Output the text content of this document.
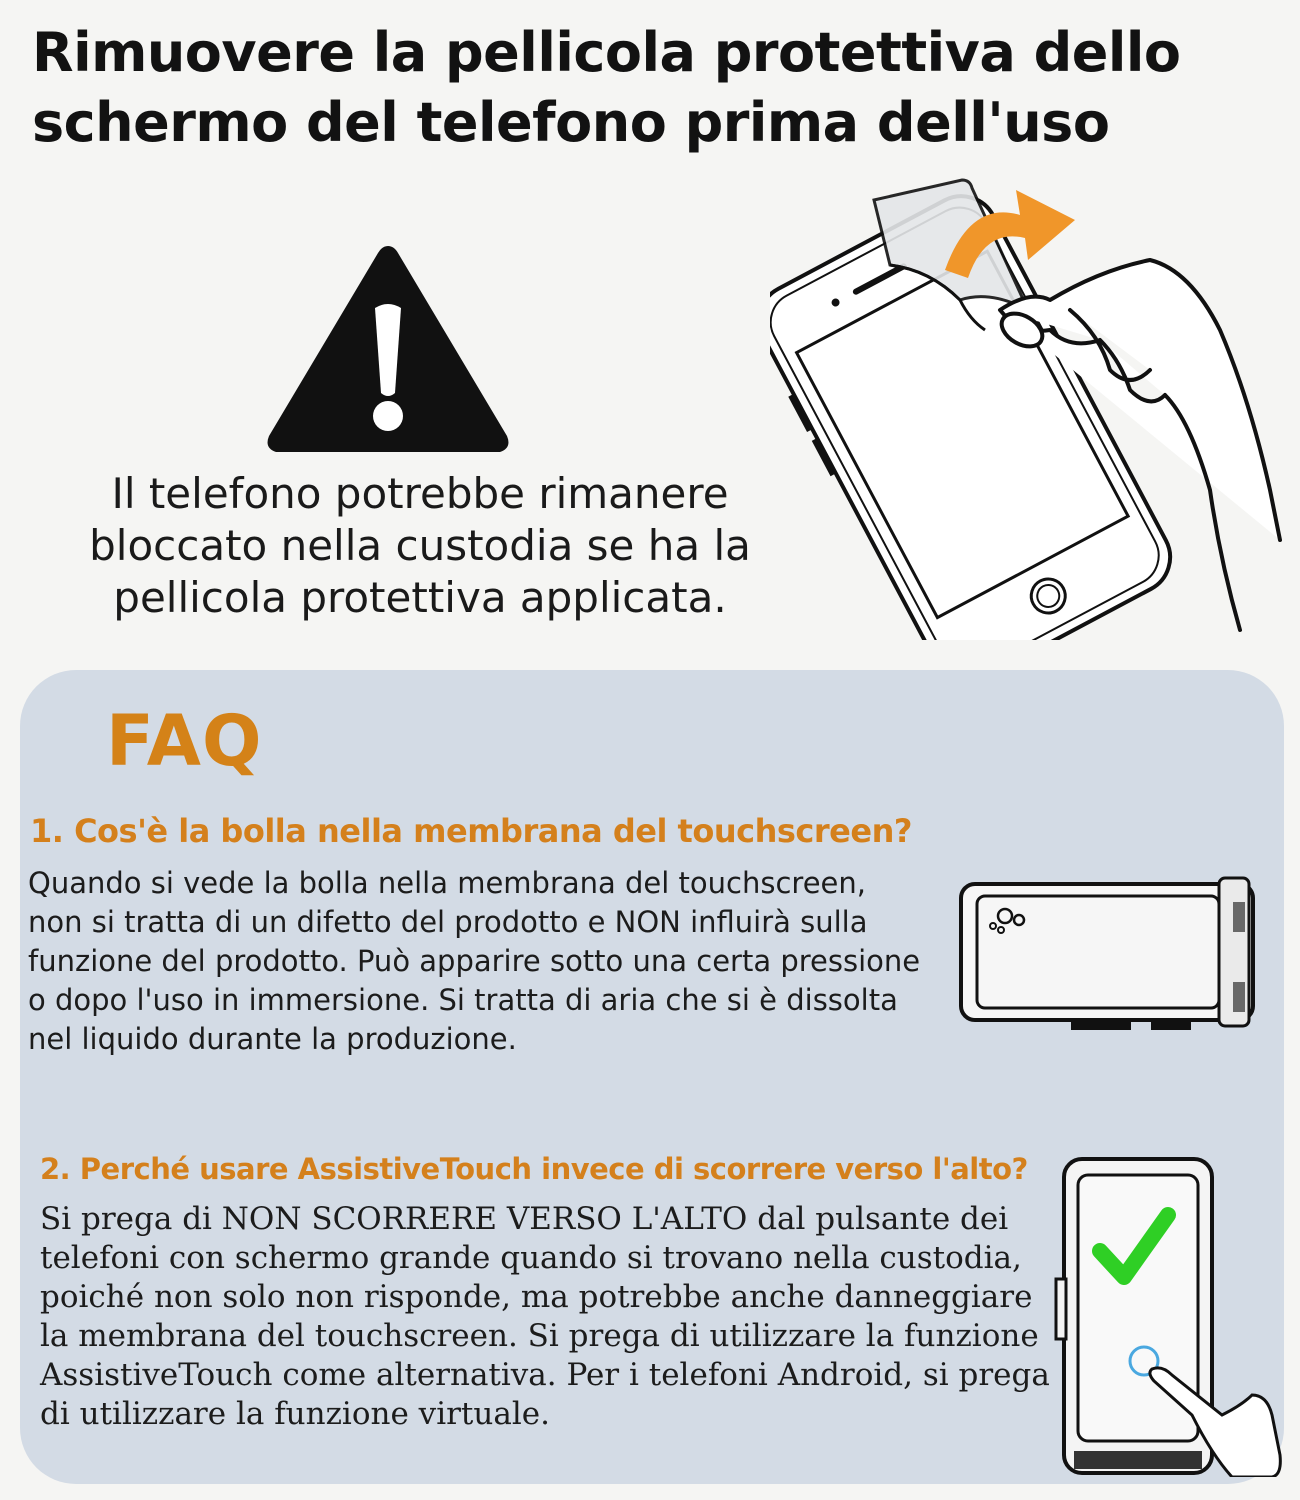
Rimuovere la pellicola protettiva dello schermo del telefono prima dell'uso

Il telefono potrebbe rimanere bloccato nella custodia se ha la pellicola protettiva applicata.

FAQ
1. Cos'è la bolla nella membrana del touchscreen?

Quando si vede la bolla nella membrana del touchscreen, non si tratta di un difetto del prodotto e NON influirà sulla funzione del prodotto. Può apparire sotto una certa pressione o dopo l'uso in immersione. Si tratta di aria che si è dissolta nel liquido durante la produzione.

2. Perché usare AssistiveTouch invece di scorrere verso l'alto?

Si prega di NON SCORRERE VERSO L'ALTO dal pulsante dei telefoni con schermo grande quando si trovano nella custodia, poiché non solo non risponde, ma potrebbe anche danneggiare la membrana del touchscreen. Si prega di utilizzare la funzione AssistiveTouch come alternativa. Per i telefoni Android, si prega di utilizzare la funzione virtuale.
